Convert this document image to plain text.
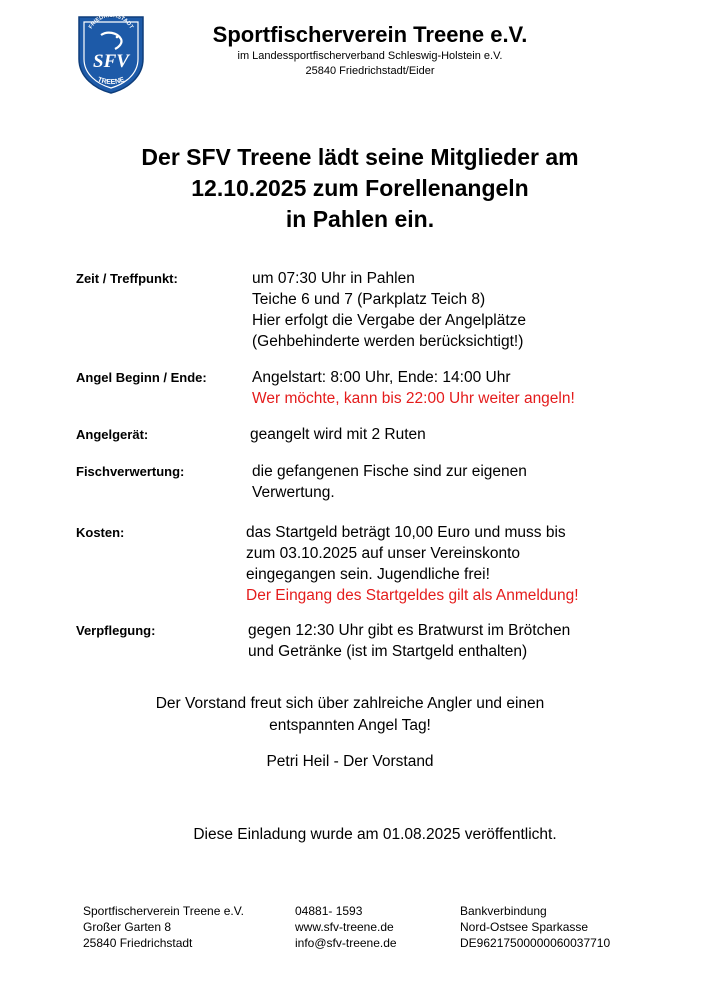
FRIEDRICHSTADT
SFV
TREENE
Sportfischerverein Treene e.V.
im Landessportfischerverband Schleswig-Holstein e.V.
25840 Friedrichstadt/Eider
Der SFV Treene lädt seine Mitglieder am
12.10.2025 zum Forellenangeln
in Pahlen ein.
Zeit / Treffpunkt:	um 07:30 Uhr in Pahlen
Teiche 6 und 7 (Parkplatz Teich 8)
Hier erfolgt die Vergabe der Angelplätze
(Gehbehinderte werden berücksichtigt!)
Angel Beginn / Ende:	Angelstart: 8:00 Uhr, Ende: 14:00 Uhr
Wer möchte, kann bis 22:00 Uhr weiter angeln!
Angelgerät:	geangelt wird mit 2 Ruten
Fischverwertung:	die gefangenen Fische sind zur eigenen
Verwertung.
Kosten:	das Startgeld beträgt 10,00 Euro und muss bis
zum 03.10.2025 auf unser Vereinskonto
eingegangen sein. Jugendliche frei!
Der Eingang des Startgeldes gilt als Anmeldung!
Verpflegung:	gegen 12:30 Uhr gibt es Bratwurst im Brötchen
und Getränke (ist im Startgeld enthalten)
Der Vorstand freut sich über zahlreiche Angler und einen
entspannten Angel Tag!
Petri Heil - Der Vorstand
Diese Einladung wurde am 01.08.2025 veröffentlicht.
Sportfischerverein Treene e.V.
Großer Garten 8
25840 Friedrichstadt
04881- 1593
www.sfv-treene.de
info@sfv-treene.de
Bankverbindung
Nord-Ostsee Sparkasse
DE96217500000060037710
